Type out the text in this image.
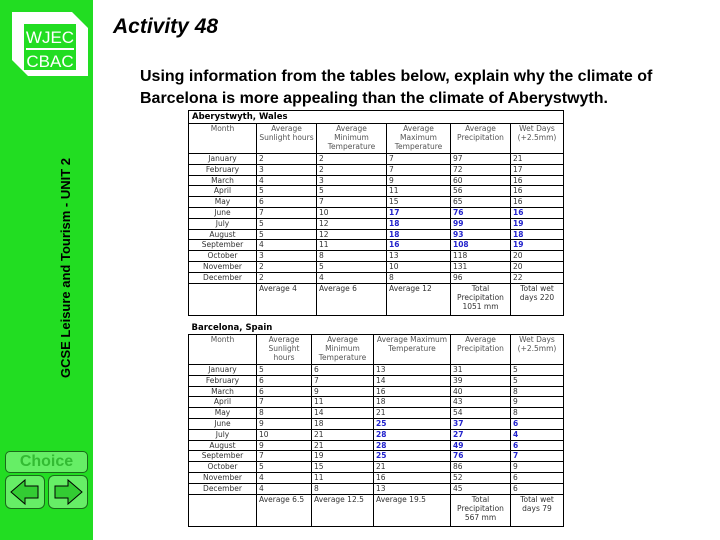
WJEC
CBAC
GCSE Leisure and Tourism - UNIT 2
Choice
Activity 48
Using information from the tables below, explain why the climate of Barcelona is more appealing than the climate of Aberystwyth.
Aberystwyth, Wales					
Month	Average Sunlight hours	Average Minimum Temperature	Average Maximum Temperature	Average Precipitation	Wet Days (+2.5mm)
January	2	2	7	97	21
February	3	2	7	72	17
March	4	3	9	60	16
April	5	5	11	56	16
May	6	7	15	65	16
June	7	10	17	76	16
July	5	12	18	99	19
August	5	12	18	93	18
September	4	11	16	108	19
October	3	8	13	118	20
November	2	5	10	131	20
December	2	4	8	96	22
	Average 4	Average 6	Average 12	Total Precipitation 1051 mm	Total wet days 220
Barcelona, Spain					
Month	Average Sunlight hours	Average Minimum Temperature	Average Maximum Temperature	Average Precipitation	Wet Days (+2.5mm)
January	5	6	13	31	5
February	6	7	14	39	5
March	6	9	16	40	8
April	7	11	18	43	9
May	8	14	21	54	8
June	9	18	25	37	6
July	10	21	28	27	4
August	9	21	28	49	6
September	7	19	25	76	7
October	5	15	21	86	9
November	4	11	16	52	6
December	4	8	13	45	6
	Average 6.5	Average 12.5	Average 19.5	Total Precipitation 567 mm	Total wet days 79
